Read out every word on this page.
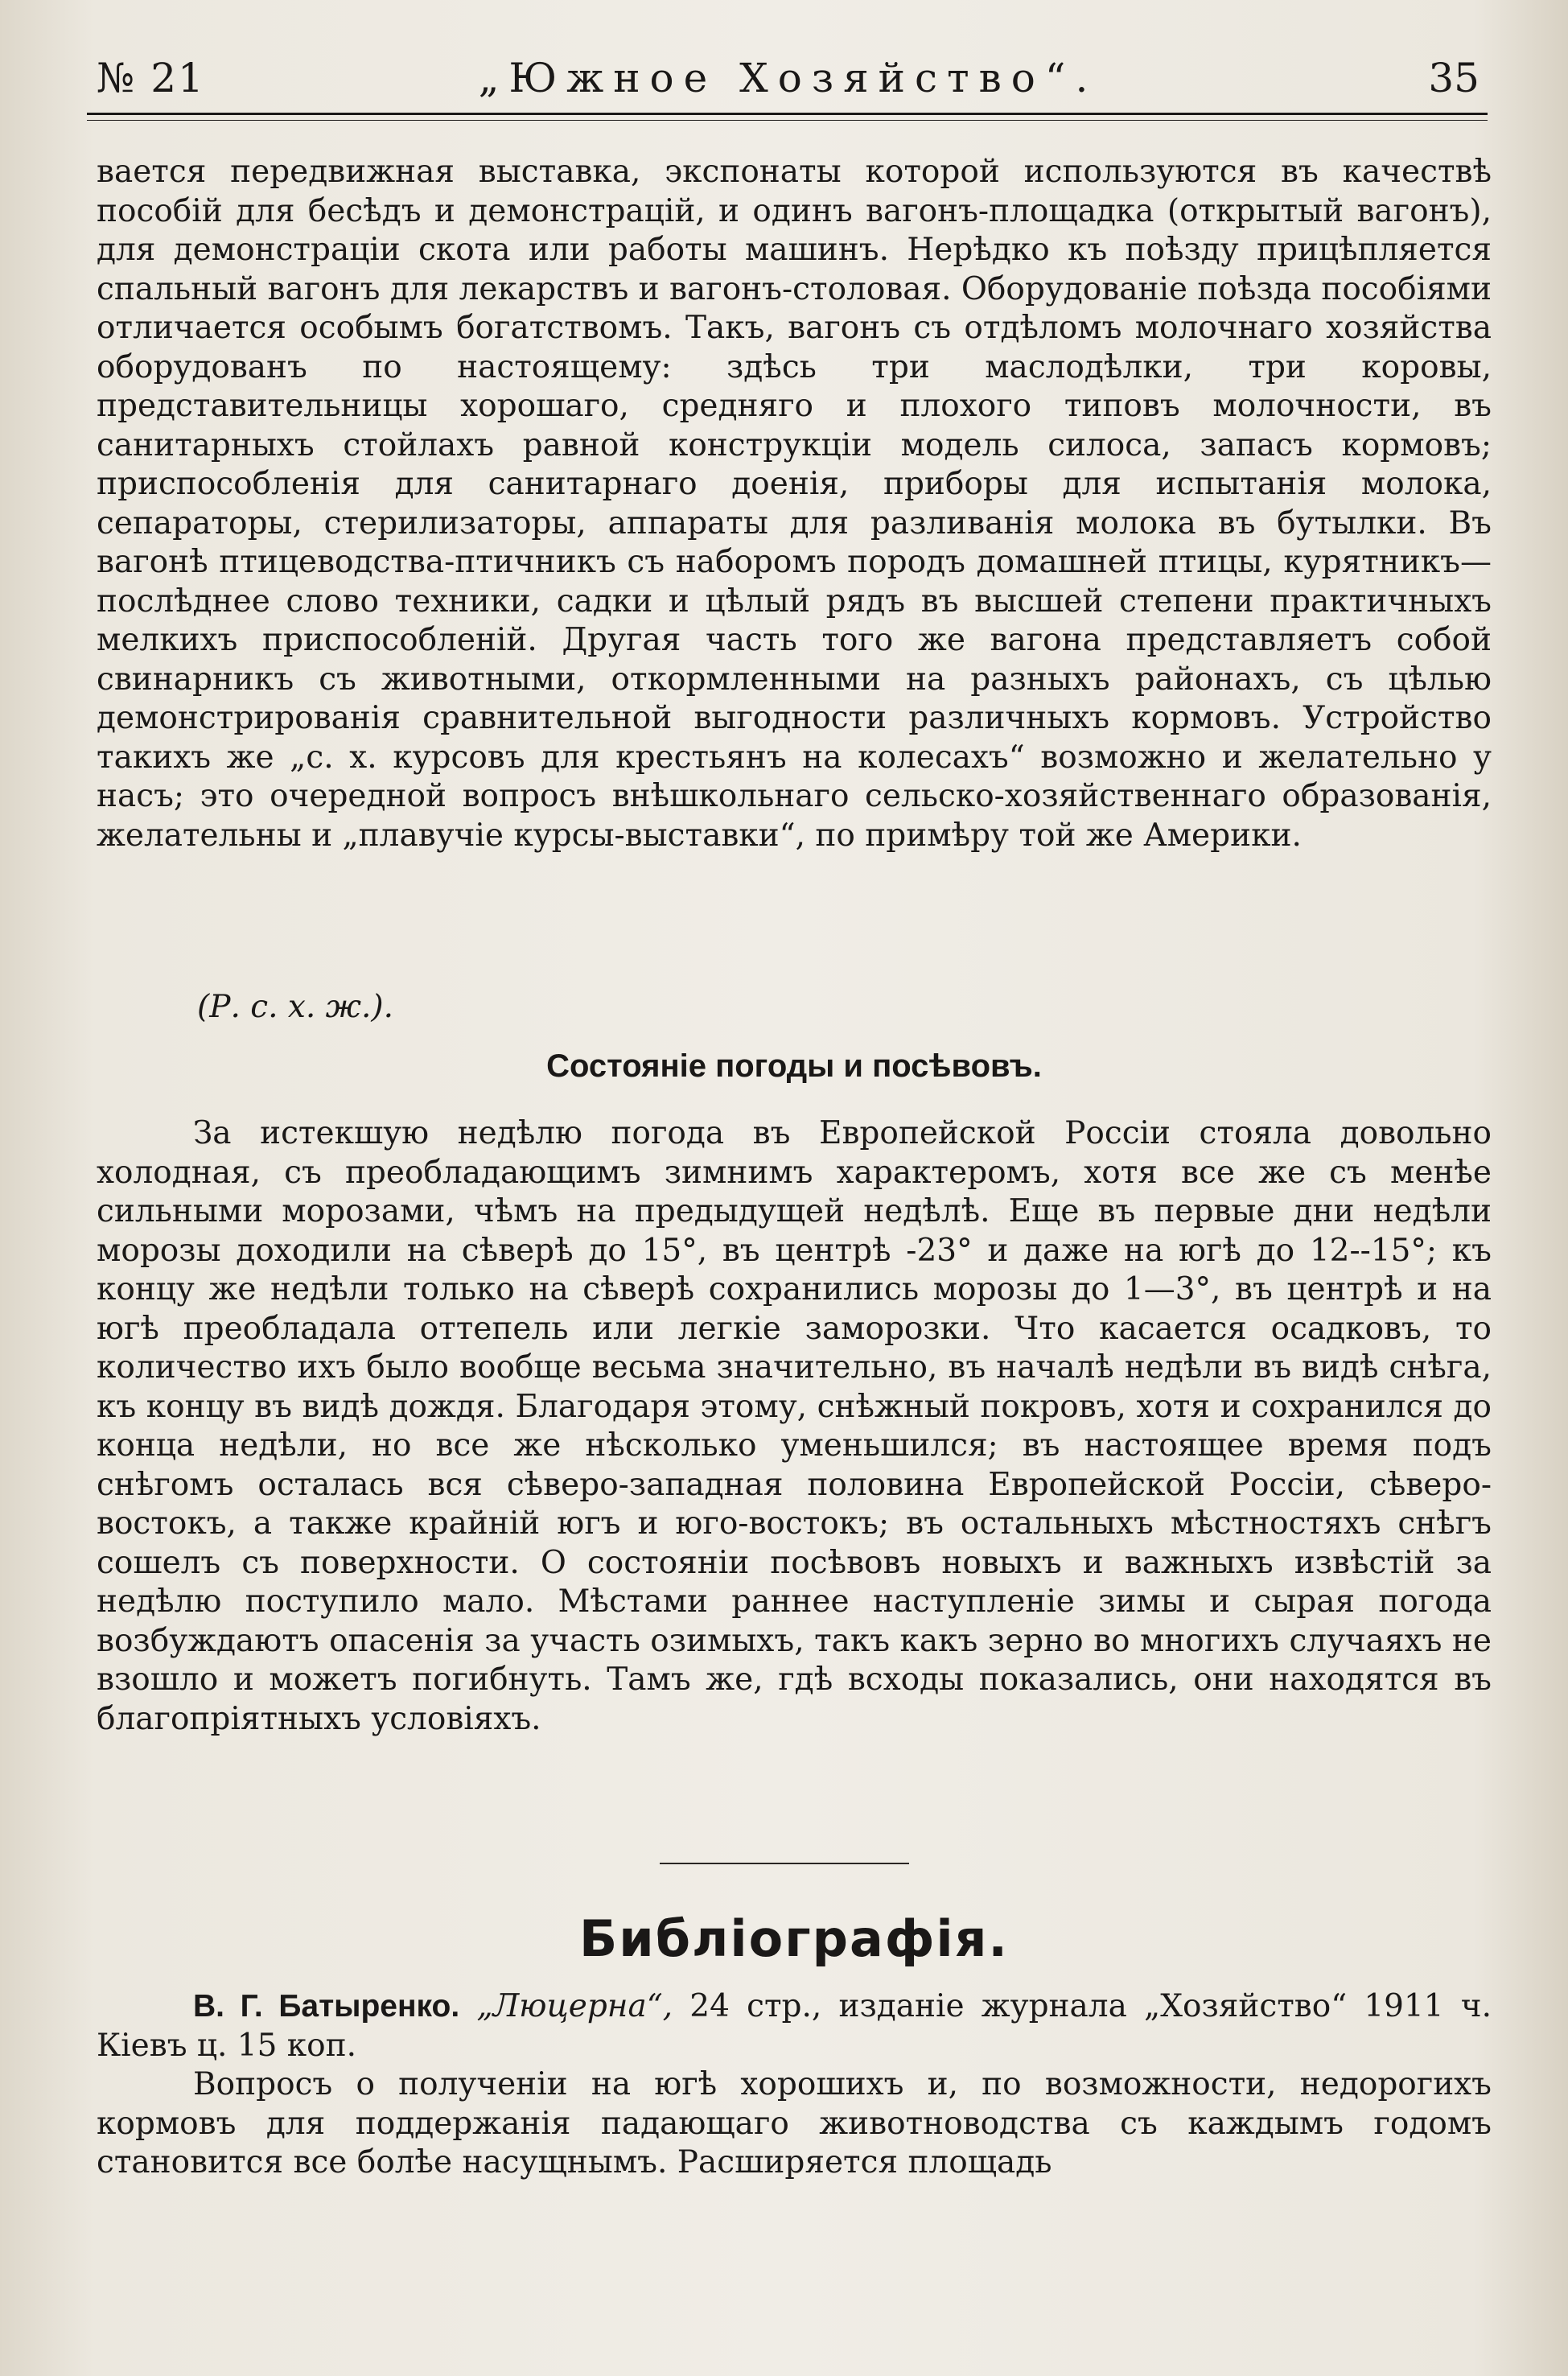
№ 21	„Южное Хозяйство“.	35

вается передвижная выставка, экспонаты которой используются въ качествѣ пособій для бесѣдъ и демонстрацій, и одинъ вагонъ-площадка (открытый вагонъ), для демонстраціи скота или работы машинъ. Нерѣдко къ поѣзду прицѣпляется спальный вагонъ для лекарствъ и вагонъ-столовая. Оборудованіе поѣзда пособіями отличается особымъ богатствомъ. Такъ, вагонъ съ отдѣломъ молочнаго хозяйства оборудованъ по настоящему: здѣсь три маслодѣлки, три коровы, представительницы хорошаго, средняго и плохого типовъ молочности, въ санитарныхъ стойлахъ равной конструкціи модель силоса, запасъ кормовъ; приспособленія для санитарнаго доенія, приборы для испытанія молока, сепараторы, стерилизаторы, аппараты для разливанія молока въ бутылки. Въ вагонѣ птицеводства-птичникъ съ наборомъ породъ домашней птицы, курятникъ—послѣднее слово техники, садки и цѣлый рядъ въ высшей степени практичныхъ мелкихъ приспособленій. Другая часть того же вагона представляетъ собой свинарникъ съ животными, откормленными на разныхъ районахъ, съ цѣлью демонстрированія сравнительной выгодности различныхъ кормовъ. Устройство такихъ же „с. х. курсовъ для крестьянъ на колесахъ“ возможно и желательно у насъ; это очередной вопросъ внѣшкольнаго сельско-хозяйственнаго образованія, желательны и „плавучіе курсы-выставки“, по примѣру той же Америки.

(Р. с. х. ж.).

Состояніе погоды и посѣвовъ.

За истекшую недѣлю погода въ Европейской Россіи стояла довольно холодная, съ преобладающимъ зимнимъ характеромъ, хотя все же съ менѣе сильными морозами, чѣмъ на предыдущей недѣлѣ. Еще въ первые дни недѣли морозы доходили на сѣверѣ до 15°, въ центрѣ -23° и даже на югѣ до 12--15°; къ концу же недѣли только на сѣверѣ сохранились морозы до 1—3°, въ центрѣ и на югѣ преобладала оттепель или легкіе заморозки. Что касается осадковъ, то количество ихъ было вообще весьма значительно, въ началѣ недѣли въ видѣ снѣга, къ концу въ видѣ дождя. Благодаря этому, снѣжный покровъ, хотя и сохранился до конца недѣли, но все же нѣсколько уменьшился; въ настоящее время подъ снѣгомъ осталась вся сѣверо-западная половина Европейской Россіи, сѣверо-востокъ, а также крайній югъ и юго-востокъ; въ остальныхъ мѣстностяхъ снѣгъ сошелъ съ поверхности. О состояніи посѣвовъ новыхъ и важныхъ извѣстій за недѣлю поступило мало. Мѣстами раннее наступленіе зимы и сырая погода возбуждаютъ опасенія за участь озимыхъ, такъ какъ зерно во многихъ случаяхъ не взошло и можетъ погибнуть. Тамъ же, гдѣ всходы показались, они находятся въ благопріятныхъ условіяхъ.

Библіографія.

В. Г. Батыренко. „Люцерна“, 24 стр., изданіе журнала „Хозяйство“ 1911 ч. Кіевъ ц. 15 коп.

Вопросъ о полученіи на югѣ хорошихъ и, по возможности, недорогихъ кормовъ для поддержанія падающаго животноводства съ каждымъ годомъ становится все болѣе насущнымъ. Расширяется площадь
